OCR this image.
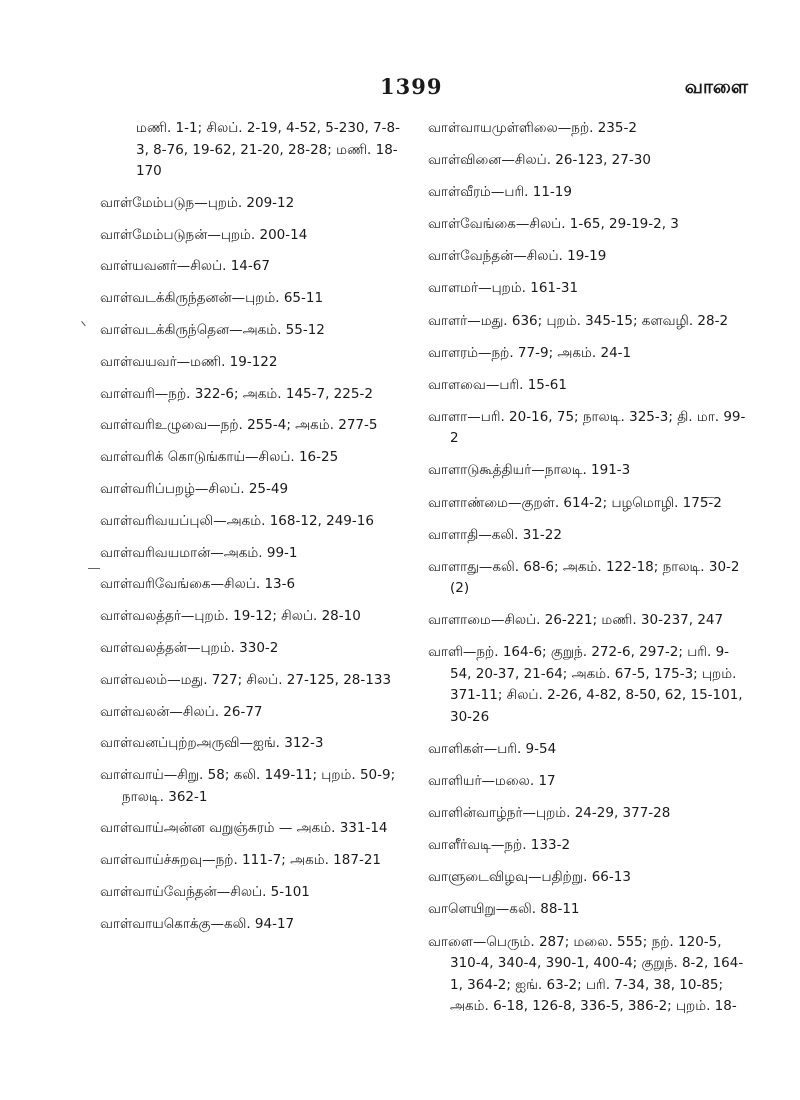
1399	வாளை
மணி. 1-1; சிலப். 2-19, 4-52, 5-230, 7-8-3, 8-76, 19-62, 21-20, 28-28; மணி. 18-170
வாள்மேம்படுந—புறம். 209-12
வாள்மேம்படுநன்—புறம். 200-14
வாள்யவனர்—சிலப். 14-67
வாள்வடக்கிருந்தனன்—புறம். 65-11
வாள்வடக்கிருந்தென—அகம். 55-12
வாள்வயவர்—மணி. 19-122
வாள்வரி—நற். 322-6; அகம். 145-7, 225-2
வாள்வரிஉழுவை—நற். 255-4; அகம். 277-5
வாள்வரிக் கொடுங்காய்—சிலப். 16-25
வாள்வரிப்பறழ்—சிலப். 25-49
வாள்வரிவயப்புலி—அகம். 168-12, 249-16
வாள்வரிவயமான்—அகம். 99-1
வாள்வரிவேங்கை—சிலப். 13-6
வாள்வலத்தர்—புறம். 19-12; சிலப். 28-10
வாள்வலத்தன்—புறம். 330-2
வாள்வலம்—மது. 727; சிலப். 27-125, 28-133
வாள்வலன்—சிலப். 26-77
வாள்வனப்புற்றஅருவி—ஐங். 312-3
வாள்வாய்—சிறு. 58; கலி. 149-11; புறம். 50-9; நாலடி. 362-1
வாள்வாய்அன்ன வறுஞ்சுரம் — அகம். 331-14
வாள்வாய்ச்சுறவு—நற். 111-7; அகம். 187-21
வாள்வாய்வேந்தன்—சிலப். 5-101
வாள்வாயகொக்கு—கலி. 94-17
வாள்வாயமுள்ளிலை—நற். 235-2
வாள்வினை—சிலப். 26-123, 27-30
வாள்வீரம்—பரி. 11-19
வாள்வேங்கை—சிலப். 1-65, 29-19-2, 3
வாள்வேந்தன்—சிலப். 19-19
வாளமர்—புறம். 161-31
வாளர்—மது. 636; புறம். 345-15; களவழி. 28-2
வாளரம்—நற். 77-9; அகம். 24-1
வாளவை—பரி. 15-61
வாளா—பரி. 20-16, 75; நாலடி. 325-3; தி. மா. 99-2
வாளாடுகூத்தியர்—நாலடி. 191-3
வாளாண்மை—குறள். 614-2; பழமொழி. 175-2
வாளாதி—கலி. 31-22
வாளாது—கலி. 68-6; அகம். 122-18; நாலடி. 30-2 (2)
வாளாமை—சிலப். 26-221; மணி. 30-237, 247
வாளி—நற். 164-6; குறுந். 272-6, 297-2; பரி. 9-54, 20-37, 21-64; அகம். 67-5, 175-3; புறம். 371-11; சிலப். 2-26, 4-82, 8-50, 62, 15-101, 30-26
வாளிகள்—பரி. 9-54
வாளியர்—மலை. 17
வாளின்வாழ்நர்—புறம். 24-29, 377-28
வாளீர்வடி—நற். 133-2
வாளுடைவிழவு—பதிற்று. 66-13
வாளெயிறு—கலி. 88-11
வாளை—பெரும். 287; மலை. 555; நற். 120-5, 310-4, 340-4, 390-1, 400-4; குறுந். 8-2, 164-1, 364-2; ஐங். 63-2; பரி. 7-34, 38, 10-85; அகம். 6-18, 126-8, 336-5, 386-2; புறம். 18-
